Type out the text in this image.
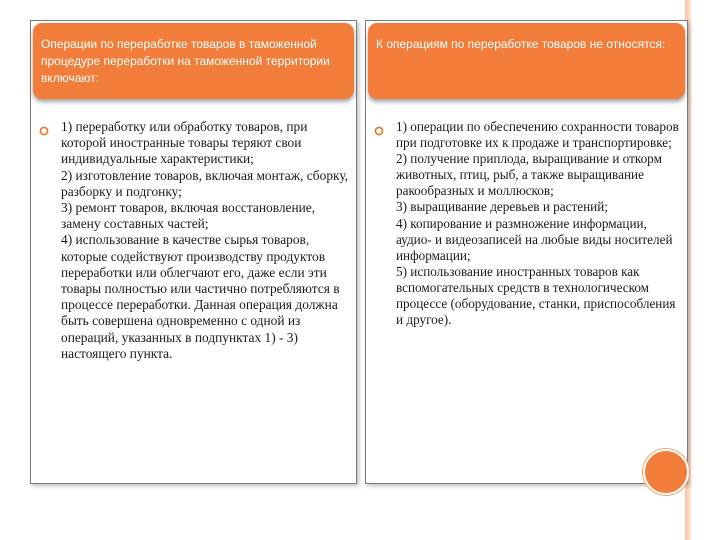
Операции по переработке товаров в таможенной процедуре переработки на таможенной территории включают:
1) переработку или обработку товаров, при которой иностранные товары теряют свои индивидуальные характеристики;
2) изготовление товаров, включая монтаж, сборку, разборку и подгонку;
3) ремонт товаров, включая восстановление, замену составных частей;
4) использование в качестве сырья товаров, которые содействуют производству продуктов переработки или облегчают его, даже если эти товары полностью или частично потребляются в процессе переработки. Данная операция должна быть совершена одновременно с одной из операций, указанных в подпунктах 1) - 3) настоящего пункта.
К операциям по переработке товаров не относятся:
1) операции по обеспечению сохранности товаров при подготовке их к продаже и транспортировке;
2) получение приплода, выращивание и откорм животных, птиц, рыб, а также выращивание ракообразных и моллюсков;
3) выращивание деревьев и растений;
4) копирование и размножение информации, аудио- и видеозаписей на любые виды носителей информации;
5) использование иностранных товаров как вспомогательных средств в технологическом процессе (оборудование, станки, приспособления и другое).
